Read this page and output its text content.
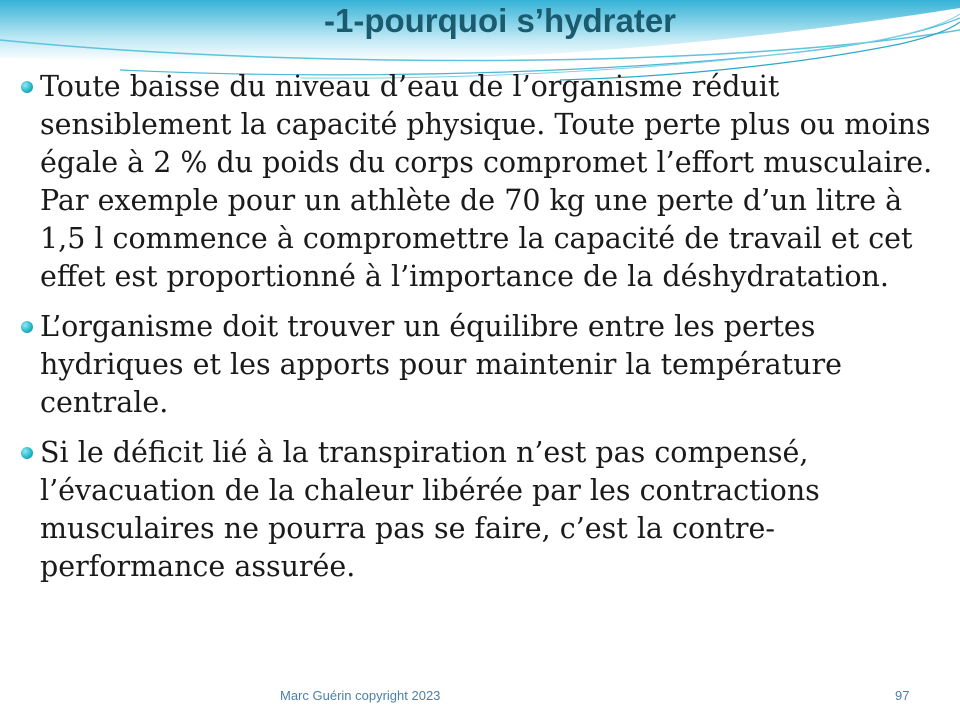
-1-pourquoi s’hydrater
Toute baisse du niveau d’eau de l’organisme réduit sensiblement la capacité physique. Toute perte plus ou moins égale à 2 % du poids du corps compromet l’effort musculaire. Par exemple pour un athlète de 70 kg une perte d’un litre à 1,5 l commence à compromettre la capacité de travail et cet effet est proportionné à l’importance de la déshydratation.
L’organisme doit trouver un équilibre entre les pertes hydriques et les apports pour maintenir la température centrale.
Si le déficit lié à la transpiration n’est pas compensé, l’évacuation de la chaleur libérée par les contractions musculaires ne pourra pas se faire, c’est la contre-performance assurée.
Marc Guérin copyright 2023	97
